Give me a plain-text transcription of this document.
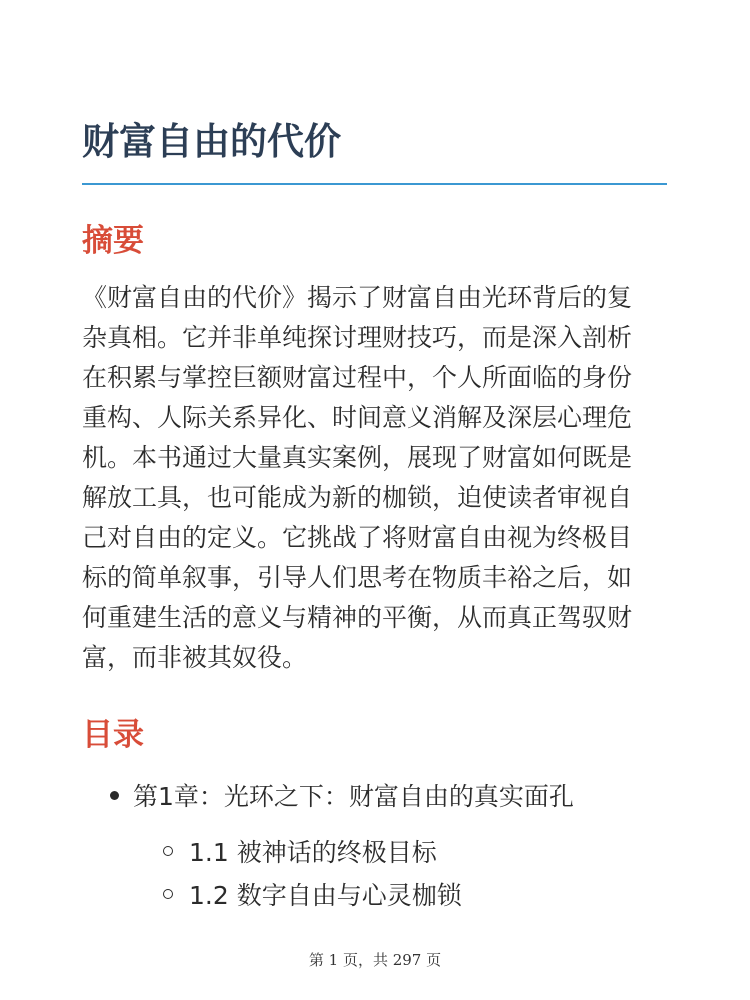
财富自由的代价
摘要

《财富自由的代价》揭示了财富自由光环背后的复
杂真相。它并非单纯探讨理财技巧，而是深入剖析
在积累与掌控巨额财富过程中，个人所面临的身份
重构、人际关系异化、时间意义消解及深层心理危
机。本书通过大量真实案例，展现了财富如何既是
解放工具，也可能成为新的枷锁，迫使读者审视自
己对自由的定义。它挑战了将财富自由视为终极目
标的简单叙事，引导人们思考在物质丰裕之后，如
何重建生活的意义与精神的平衡，从而真正驾驭财
富，而非被其奴役。

目录
第1章：光环之下：财富自由的真实面孔
1.1 被神话的终极目标
1.2 数字自由与心灵枷锁
第 1 页，共 297 页
